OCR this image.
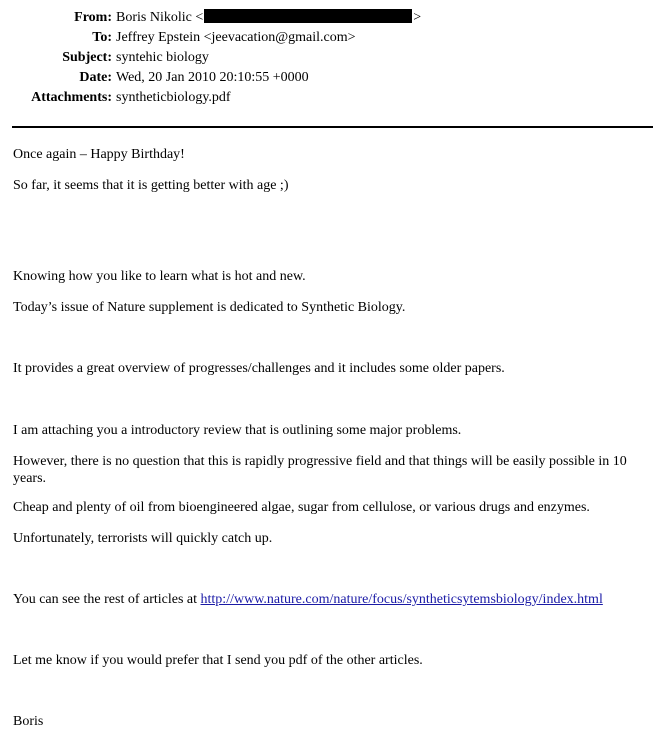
From: Boris Nikolic <	>
To: Jeffrey Epstein <jeevacation@gmail.com>
Subject: syntehic biology
Date: Wed, 20 Jan 2010 20:10:55 +0000
Attachments: syntheticbiology.pdf

Once again – Happy Birthday!

So far, it seems that it is getting better with age ;)

Knowing how you like to learn what is hot and new.

Today’s issue of Nature supplement is dedicated to Synthetic Biology.

It provides a great overview of progresses/challenges and it includes some older papers.

I am attaching you a introductory review that is outlining some major problems.

However, there is no question that this is rapidly progressive field and that things will be easily possible in 10 years.

Cheap and plenty of oil from bioengineered algae, sugar from cellulose, or various drugs and enzymes.

Unfortunately, terrorists will quickly catch up.

You can see the rest of articles at http://www.nature.com/nature/focus/syntheticsytemsbiology/index.html

Let me know if you would prefer that I send you pdf of the other articles.

Boris
